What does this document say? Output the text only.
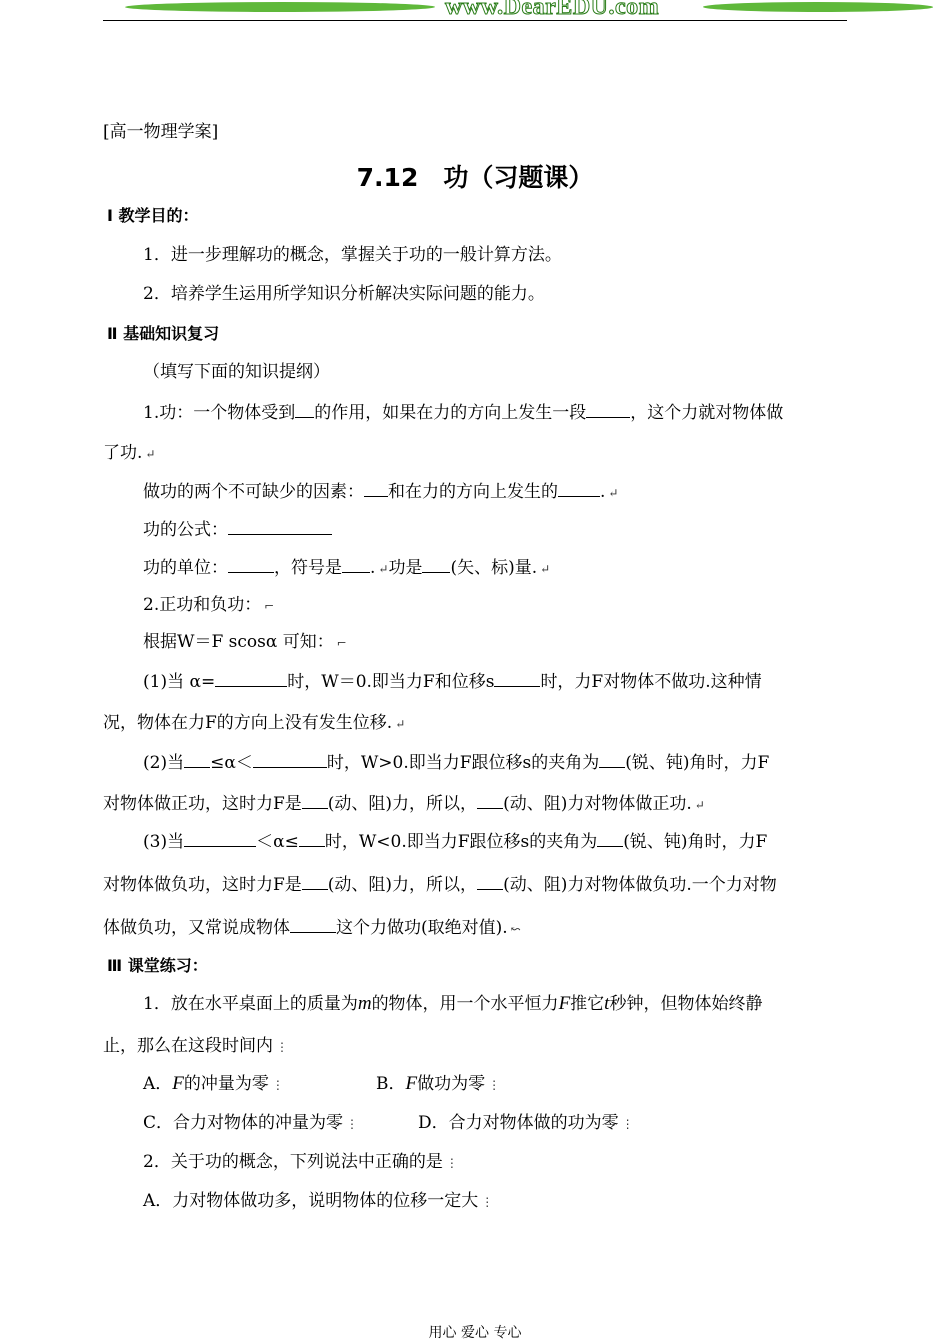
www.DearEDU.com
[高一物理学案]
7.12　功（习题课）
Ⅰ 教学目的：
1．进一步理解功的概念，掌握关于功的一般计算方法。
2．培养学生运用所学知识分析解决实际问题的能力。
Ⅱ 基础知识复习
（填写下面的知识提纲）
1.功：一个物体受到 的作用，如果在力的方向上发生一段	，这个力就对物体做
了功. ↵
做功的两个不可缺少的因素： 和在力的方向上发生的 . ↵
功的公式：
功的单位：	，符号是 . ↵功是 (矢、标)量. ↵
2.正功和负功： ⌐
根据W＝F scosα 可知： ⌐
(1)当 α=	时，W＝0.即当力F和位移s	时，力F对物体不做功.这种情
况，物体在力F的方向上没有发生位移. ↵
(2)当 ≤α＜	时，W>0.即当力F跟位移s的夹角为 (锐、钝)角时，力F
对物体做正功，这时力F是 (动、阻)力，所以， (动、阻)力对物体做正功. ↵
(3)当	＜α≤ 时，W<0.即当力F跟位移s的夹角为 (锐、钝)角时，力F
对物体做负功，这时力F是 (动、阻)力，所以， (动、阻)力对物体做负功.一个力对物
体做负功，又常说成物体	这个力做功(取绝对值). ↜
Ⅲ 课堂练习：
1．放在水平桌面上的质量为m的物体，用一个水平恒力F推它t秒钟，但物体始终静
止，那么在这段时间内 ⋮
A．F的冲量为零 ⋮	B．F做功为零 ⋮
C．合力对物体的冲量为零 ⋮	D．合力对物体做的功为零 ⋮
2．关于功的概念，下列说法中正确的是 ⋮
A．力对物体做功多，说明物体的位移一定大 ⋮
用心 爱心 专心
